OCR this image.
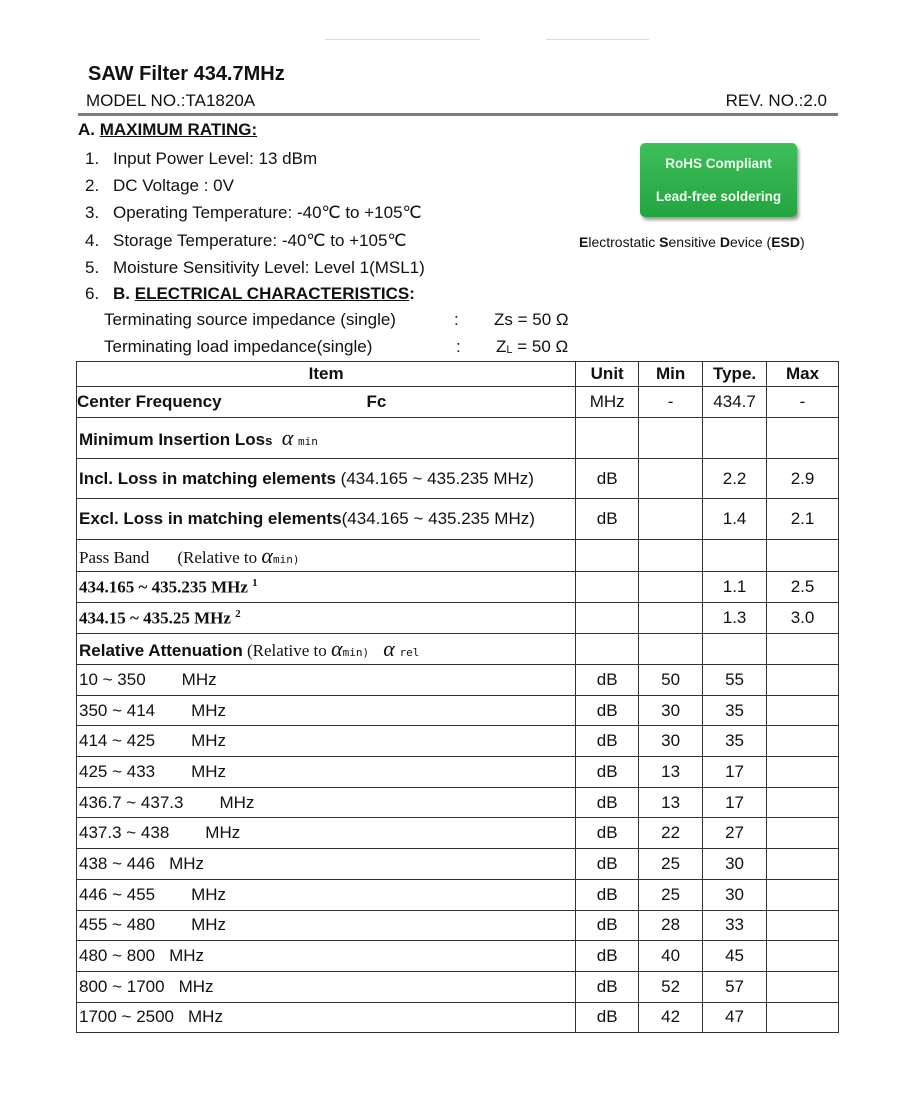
SAW Filter 434.7MHz
MODEL NO.:TA1820A	REV. NO.:2.0
A. MAXIMUM RATING:
1. Input Power Level: 13 dBm
2. DC Voltage : 0V
3. Operating Temperature: -40℃ to +105℃
4. Storage Temperature: -40℃ to +105℃
5. Moisture Sensitivity Level: Level 1(MSL1)
6. B. ELECTRICAL CHARACTERISTICS:
RoHS Compliant
Lead-free soldering
Electrostatic Sensitive Device (ESD)
Terminating source impedance (single)	: Zs = 50 Ω
Terminating load impedance(single)	: $Z_L = 50$ Ω
Item	Unit	Min	Type.	Max
Center Frequency Fc	MHz	-	434.7	-
Minimum Insertion Loss α min				
Incl. Loss in matching elements (434.165 ~ 435.235 MHz)	dB		2.2	2.9
Excl. Loss in matching elements(434.165 ~ 435.235 MHz)	dB		1.4	2.1
Pass Band (Relative to αmin)				
434.165 ~ 435.235 MHz $^1$			1.1	2.5
434.15 ~ 435.25 MHz $^2$			1.3	3.0
Relative Attenuation (Relative to αmin) α rel				
10 ~ 350 MHz	dB	50	55	
350 ~ 414 MHz	dB	30	35	
414 ~ 425 MHz	dB	30	35	
425 ~ 433 MHz	dB	13	17	
436.7 ~ 437.3 MHz	dB	13	17	
437.3 ~ 438 MHz	dB	22	27	
438 ~ 446 MHz	dB	25	30	
446 ~ 455 MHz	dB	25	30	
455 ~ 480 MHz	dB	28	33	
480 ~ 800 MHz	dB	40	45	
800 ~ 1700 MHz	dB	52	57	
1700 ~ 2500 MHz	dB	42	47	
